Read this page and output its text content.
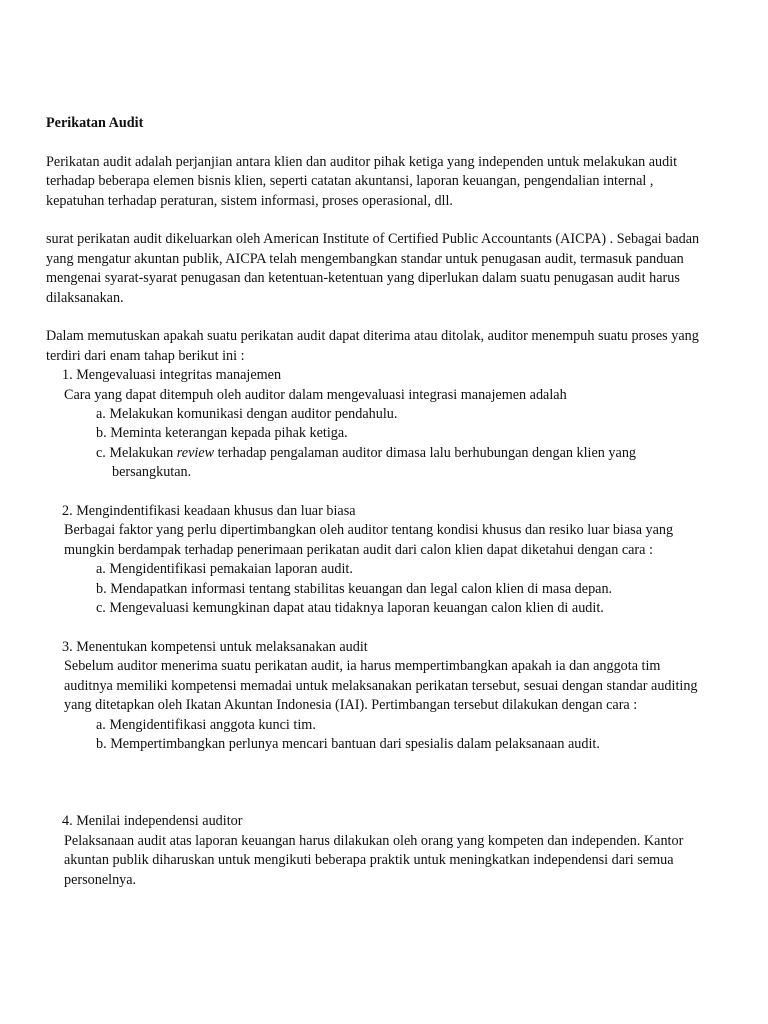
Perikatan Audit

Perikatan audit adalah perjanjian antara klien dan auditor pihak ketiga yang independen untuk melakukan audit terhadap beberapa elemen bisnis klien, seperti catatan akuntansi, laporan keuangan, pengendalian internal , kepatuhan terhadap peraturan, sistem informasi, proses operasional, dll.

surat perikatan audit dikeluarkan oleh American Institute of Certified Public Accountants (AICPA) . Sebagai badan yang mengatur akuntan publik, AICPA telah mengembangkan standar untuk penugasan audit, termasuk panduan mengenai syarat-syarat penugasan dan ketentuan-ketentuan yang diperlukan dalam suatu penugasan audit harus dilaksanakan.

Dalam memutuskan apakah suatu perikatan audit dapat diterima atau ditolak, auditor menempuh suatu proses yang terdiri dari enam tahap berikut ini :

1. Mengevaluasi integritas manajemen

Cara yang dapat ditempuh oleh auditor dalam mengevaluasi integrasi manajemen adalah

a. Melakukan komunikasi dengan auditor pendahulu.

b. Meminta keterangan kepada pihak ketiga.

c. Melakukan review terhadap pengalaman auditor dimasa lalu berhubungan dengan klien yang bersangkutan.

2. Mengindentifikasi keadaan khusus dan luar biasa

Berbagai faktor yang perlu dipertimbangkan oleh auditor tentang kondisi khusus dan resiko luar biasa yang mungkin berdampak terhadap penerimaan perikatan audit dari calon klien dapat diketahui dengan cara :

a. Mengidentifikasi pemakaian laporan audit.

b. Mendapatkan informasi tentang stabilitas keuangan dan legal calon klien di masa depan.

c. Mengevaluasi kemungkinan dapat atau tidaknya laporan keuangan calon klien di audit.

3. Menentukan kompetensi untuk melaksanakan audit

Sebelum auditor menerima suatu perikatan audit, ia harus mempertimbangkan apakah ia dan anggota tim auditnya memiliki kompetensi memadai untuk melaksanakan perikatan tersebut, sesuai dengan standar auditing yang ditetapkan oleh Ikatan Akuntan Indonesia (IAI). Pertimbangan tersebut dilakukan dengan cara :

a. Mengidentifikasi anggota kunci tim.

b. Mempertimbangkan perlunya mencari bantuan dari spesialis dalam pelaksanaan audit.

4. Menilai independensi auditor

Pelaksanaan audit atas laporan keuangan harus dilakukan oleh orang yang kompeten dan independen. Kantor akuntan publik diharuskan untuk mengikuti beberapa praktik untuk meningkatkan independensi dari semua personelnya.
